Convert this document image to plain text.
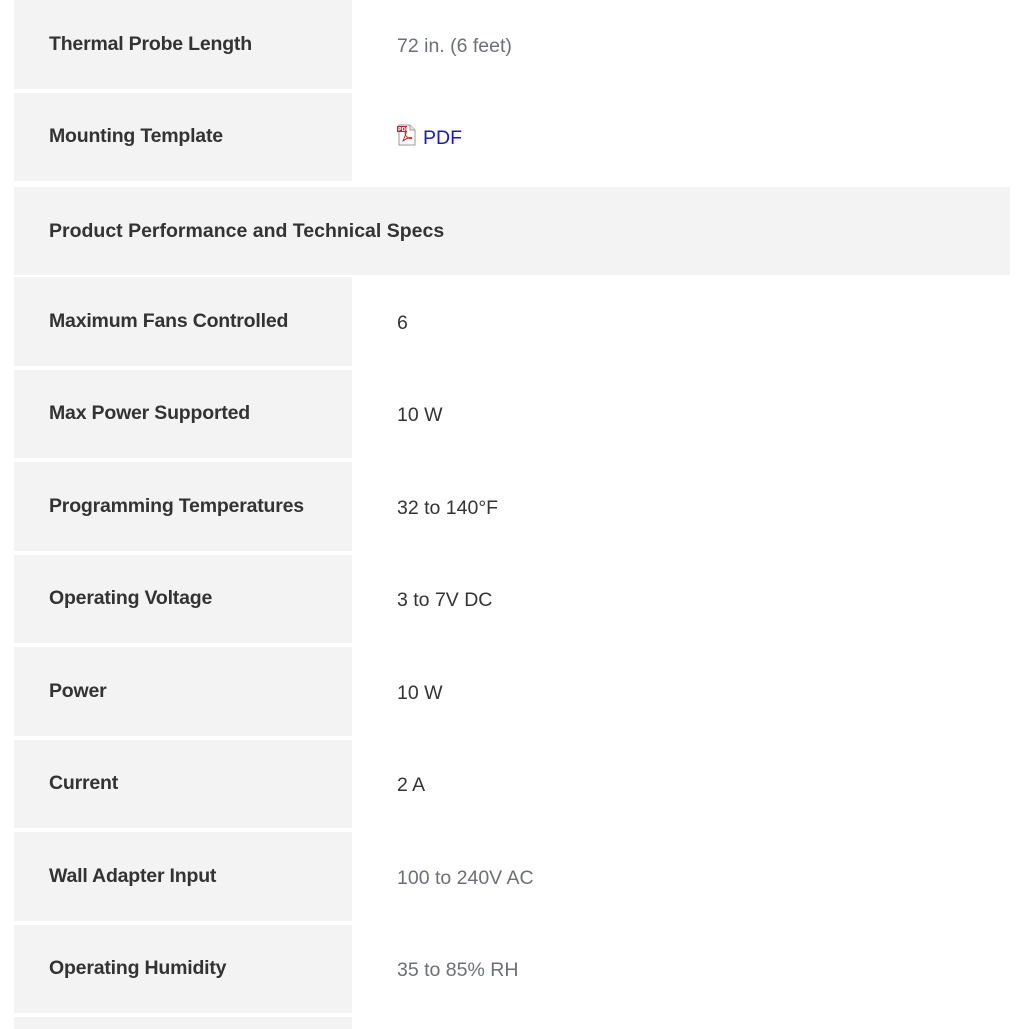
Thermal Probe Length	72 in. (6 feet)
Mounting Template	PDF PDF
Product Performance and Technical Specs
Maximum Fans Controlled	6
Max Power Supported	10 W
Programming Temperatures	32 to 140°F
Operating Voltage	3 to 7V DC
Power	10 W
Current	2 A
Wall Adapter Input	100 to 240V AC
Operating Humidity	35 to 85% RH
